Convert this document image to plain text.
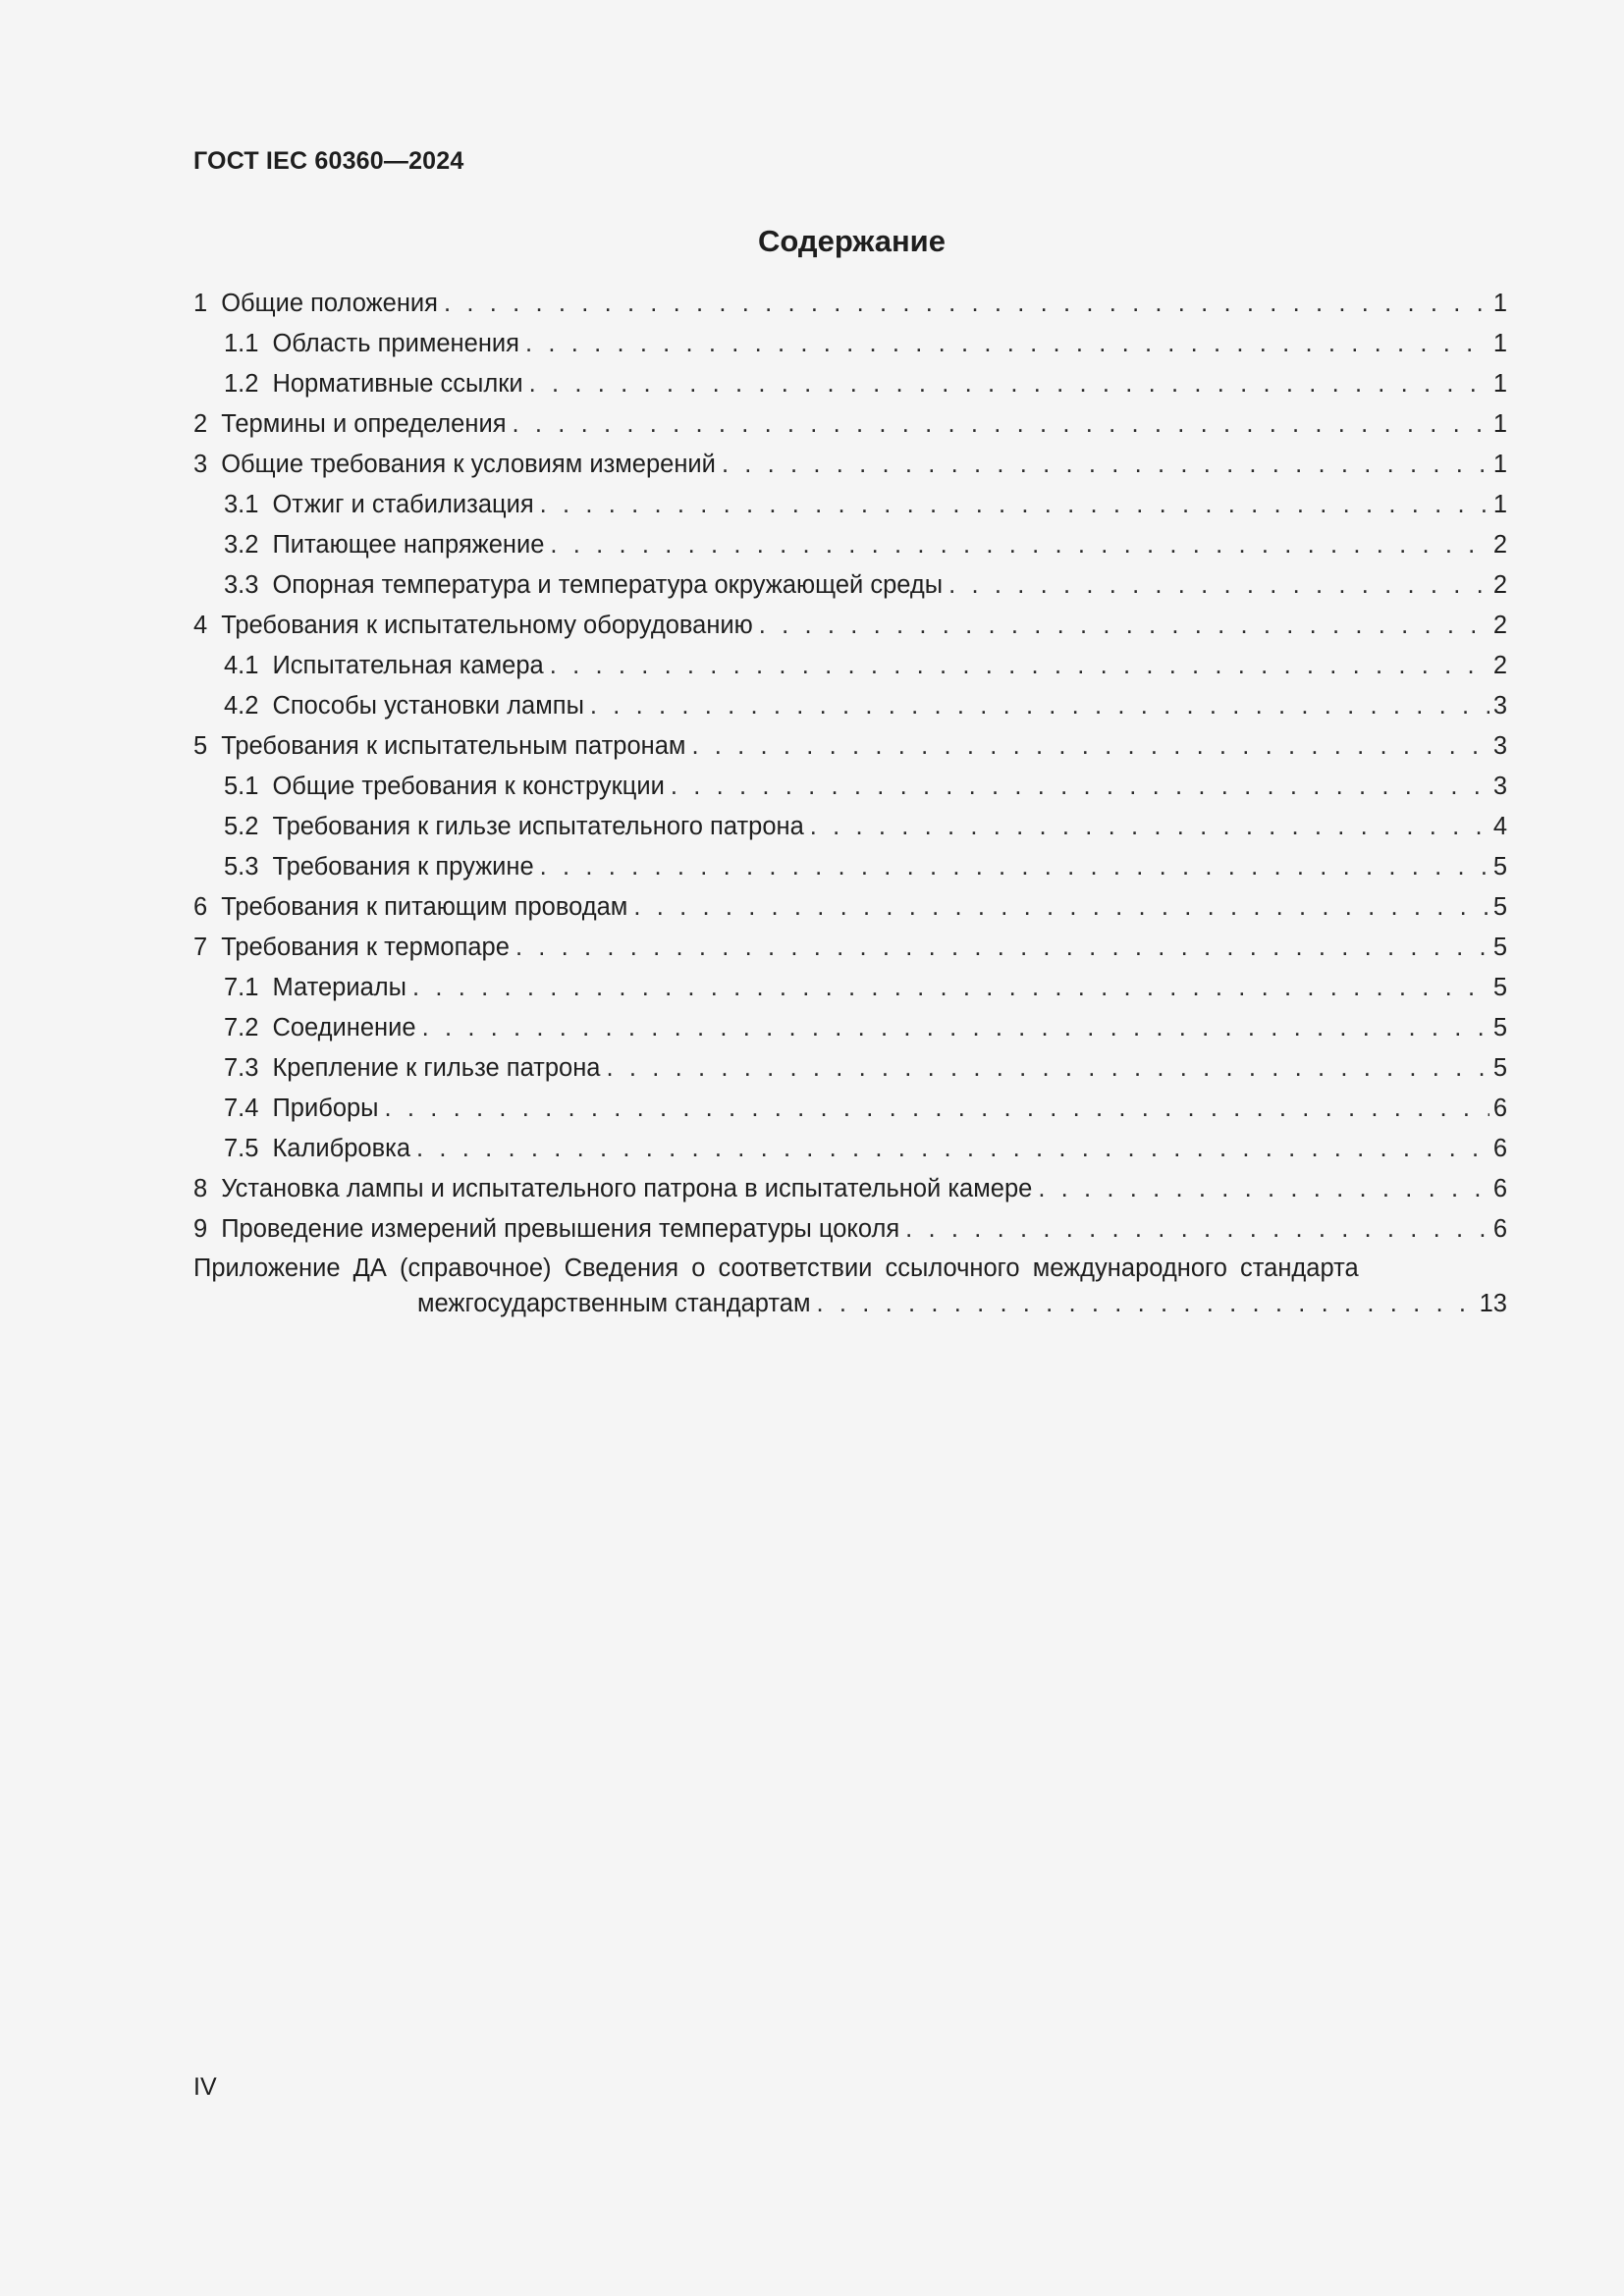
ГОСТ IEC 60360—2024
Содержание
1 Общие положения . . .	1
1.1 Область применения . . .	1
1.2 Нормативные ссылки . . .	1
2 Термины и определения . . .	1
3 Общие требования к условиям измерений . . .	1
3.1 Отжиг и стабилизация . . .	1
3.2 Питающее напряжение . . .	2
3.3 Опорная температура и температура окружающей среды . . .	2
4 Требования к испытательному оборудованию . . .	2
4.1 Испытательная камера . . .	2
4.2 Способы установки лампы . . .	3
5 Требования к испытательным патронам . . .	3
5.1 Общие требования к конструкции . . .	3
5.2 Требования к гильзе испытательного патрона . . .	4
5.3 Требования к пружине . . .	5
6 Требования к питающим проводам . . .	5
7 Требования к термопаре . . .	5
7.1 Материалы . . .	5
7.2 Соединение . . .	5
7.3 Крепление к гильзе патрона . . .	5
7.4 Приборы . . .	6
7.5 Калибровка . . .	6
8 Установка лампы и испытательного патрона в испытательной камере . . .	6
9 Проведение измерений превышения температуры цоколя . . .	6
Приложение ДА (справочное) Сведения о соответствии ссылочного международного стандарта
межгосударственным стандартам . . .	13
IV
